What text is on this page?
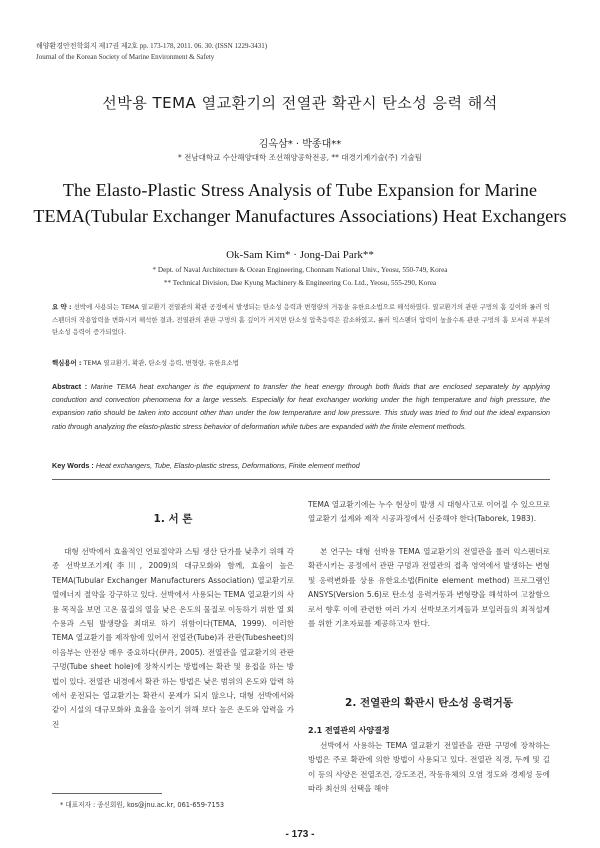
해양환경안전학회지 제17권 제2호 pp. 173-178, 2011. 06. 30. (ISSN 1229-3431)
Journal of the Korean Society of Marine Environment & Safety
선박용 TEMA 열교환기의 전열관 확관시 탄소성 응력 해석
김옥삼* · 박종대**
* 전남대학교 수산해양대학 조선해양공학전공, ** 대경기계기술(주) 기술팀
The Elasto-Plastic Stress Analysis of Tube Expansion for Marine
TEMA(Tubular Exchanger Manufactures Associations) Heat Exchangers
Ok-Sam Kim* · Jong-Dai Park**
* Dept. of Naval Architecture & Ocean Engineering, Chonnam National Univ., Yeosu, 550-749, Korea
** Technical Division, Dae Kyung Machinery & Engineering Co. Ltd., Yeosu, 555-290, Korea

요 약 : 선박에 사용되는 TEMA 열교환기 전열관의 확관 공정에서 발생되는 탄소성 응력과 변형량의 거동을 유한요소법으로 해석하였다. 열교환기의 관판 구멍의 홈 깊이와 롤러 익스팬더의 작용압력을 변화시켜 해석한 결과, 전열관의 관판 구멍의 홈 깊이가 커지면 탄소성 압축응력은 감소하였고, 롤러 익스팬더 압력이 높을수록 관판 구멍의 홈 모서리 부분의 탄소성 응력이 증가되었다.

핵심용어 : TEMA 열교환기, 확관, 탄소성 응력, 변형량, 유한요소법

Abstract : Marine TEMA heat exchanger is the equipment to transfer the heat energy through both fluids that are enclosed separately by applying conduction and convection phenomena for a large vessels. Especially for heat exchanger working under the high temperature and high pressure, the expansion ratio should be taken into account other than under the low temperature and low pressure. This study was tried to find out the ideal expansion ratio through analyzing the elasto-plastic stress behavior of deformation while tubes are expanded with the finite element methods.

Key Words : Heat exchangers, Tube, Elasto-plastic stress, Deformations, Finite element method

1. 서 론

대형 선박에서 효율적인 연료절약과 스팀 생산 단가를 낮추기 위해 각종 선박보조기계(李川, 2009)의 대규모화와 함께, 효율이 높은 TEMA(Tubular Exchanger Manufacturers Association) 열교환기로 열에너지 절약을 강구하고 있다. 선박에서 사용되는 TEMA 열교환기의 사용 목적을 보면 고온 물질의 열을 낮은 온도의 물질로 이동하기 위한 열 회수용과 스팀 발생량을 최대로 하기 위함이다(TEMA, 1999). 이러한 TEMA 열교환기를 제작함에 있어서 전열관(Tube)과 관판(Tubesheet)의 이음부는 안전상 매우 중요하다(伊丹, 2005). 전열관을 열교환기의 관판 구멍(Tube sheet hole)에 장착시키는 방법에는 확관 및 용접을 하는 방법이 있다. 전열관 내경에서 확관 하는 방법은 낮은 범위의 온도와 압력 하에서 운전되는 열교환기는 확관시 문제가 되지 않으나, 대형 선박에서와 같이 시설의 대규모화와 효율을 높이기 위해 보다 높은 온도와 압력을 가진

* 대표저자 : 종신회원, kos@jnu.ac.kr, 061-659-7153

TEMA 열교환기에는 누수 현상이 발생 시 대형사고로 이어질 수 있으므로 열교환기 설계와 제작 시공과정에서 신중해야 한다(Taborek, 1983).

본 연구는 대형 선박용 TEMA 열교환기의 전열관을 롤러 익스팬더로 확관시키는 공정에서 관판 구멍과 전열관의 접촉 영역에서 발생하는 변형 및 응력변화를 상용 유한요소법(Finite element method) 프로그램인 ANSYS(Version 5.6)로 탄소성 응력거동과 변형량을 해석하여 고찰함으로서 향후 이에 관련한 여러 가지 선박보조기계들과 보일러들의 최적설계를 위한 기초자료를 제공하고자 한다.

2. 전열관의 확관시 탄소성 응력거동
2.1 전열관의 사양결정

선박에서 사용하는 TEMA 열교환기 전열관을 관판 구멍에 장착하는 방법은 주로 확관에 의한 방법이 사용되고 있다. 전열관 직경, 두께 및 길이 등의 사양은 전열조건, 강도조건, 작동유체의 오염 정도와 경제성 등에 따라 최선의 선택을 해야

- 173 -
